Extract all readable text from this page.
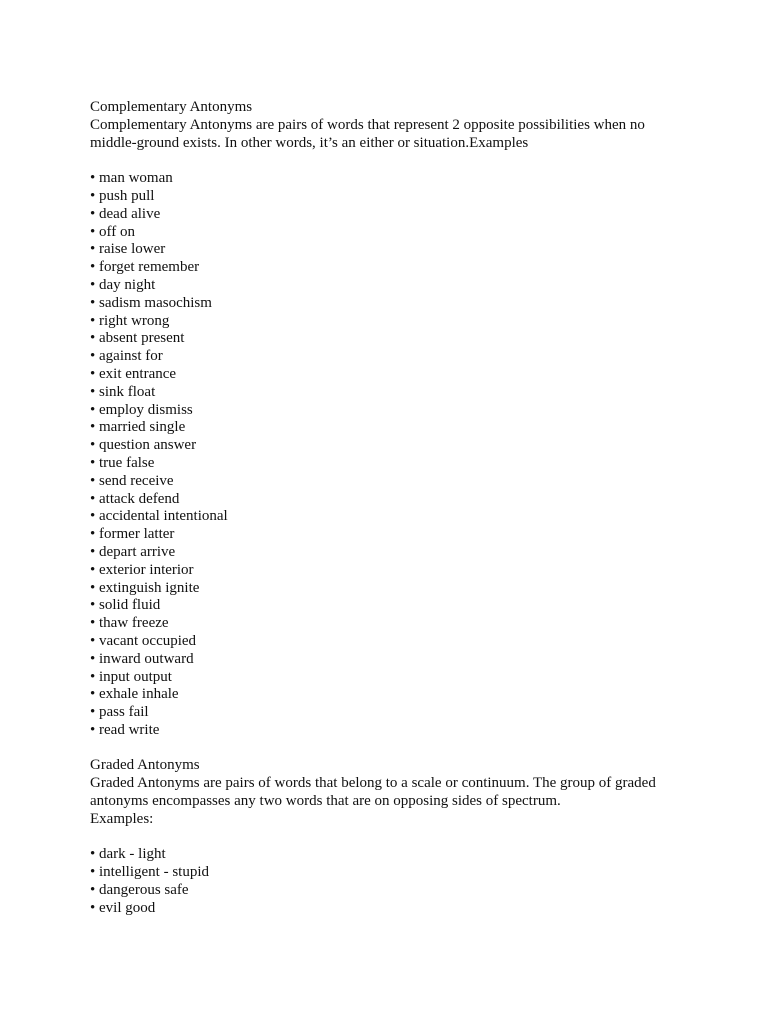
Complementary Antonyms

Complementary Antonyms are pairs of words that represent 2 opposite possibilities when no middle-ground exists. In other words, it’s an either or situation.Examples

• man woman
• push pull
• dead alive
• off on
• raise lower
• forget remember
• day night
• sadism masochism
• right wrong
• absent present
• against for
• exit entrance
• sink float
• employ dismiss
• married single
• question answer
• true false
• send receive
• attack defend
• accidental intentional
• former latter
• depart arrive
• exterior interior
• extinguish ignite
• solid fluid
• thaw freeze
• vacant occupied
• inward outward
• input output
• exhale inhale
• pass fail
• read write

Graded Antonyms

Graded Antonyms are pairs of words that belong to a scale or continuum. The group of graded antonyms encompasses any two words that are on opposing sides of spectrum.

Examples:

• dark - light
• intelligent - stupid
• dangerous safe
• evil good
